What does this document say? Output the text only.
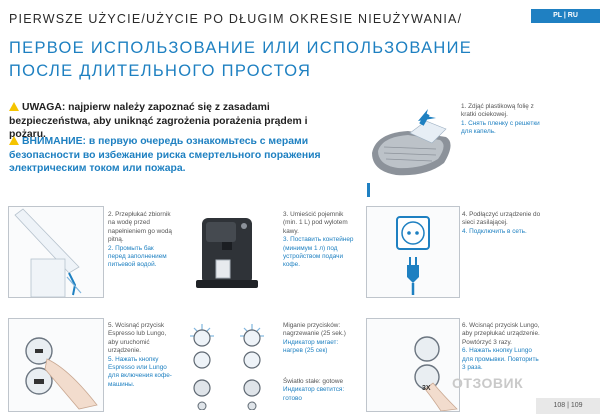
PIERWSZE UŻYCIE/UŻYCIE PO DŁUGIM OKRESIE NIEUŻYWANIA/
ПЕРВОЕ ИСПОЛЬЗОВАНИЕ ИЛИ ИСПОЛЬЗОВАНИЕ
ПОСЛЕ ДЛИТЕЛЬНОГО ПРОСТОЯ
PL | RU
UWAGA: najpierw należy zapoznać się z zasadami bezpieczeństwa, aby uniknąć zagrożenia porażenia prądem i pożaru.
ВНИМАНИЕ: в первую очередь ознакомьтесь с мерами безопасности во избежание риска смертельного поражения электрическим током или пожара.
1. Zdjąć plastikową folię z kratki ociekowej.
1. Снять пленку с решетки для капель.
2. Przepłukać zbiornik na wodę przed napełnieniem go wodą pitną.
2. Промыть бак перед заполнением питьевой водой.
3. Umieścić pojemnik (min. 1 L) pod wylotem kawy.
3. Поставить контейнер (минимум 1 л) под устройством подачи кофе.
4. Podłączyć urządzenie do sieci zasilającej.
4. Подключить в сеть.
5. Wcisnąć przycisk Espresso lub Lungo, aby uruchomić urządzenie.
5. Нажать кнопку Espresso или Lungo для включения кофе-машины.
Miganie przycisków: nagrzewanie (25 sek.)
Индикатор мигает: нагрев (25 сек)
Światło stałe: gotowe
Индикатор светится: готово
3X
6. Wcisnąć przycisk Lungo, aby przepłukać urządzenie. Powtórzyć 3 razy.
6. Нажать кнопку Lungo для промывки. Повторить 3 раза.
ОТЗОВИК
108 | 109
